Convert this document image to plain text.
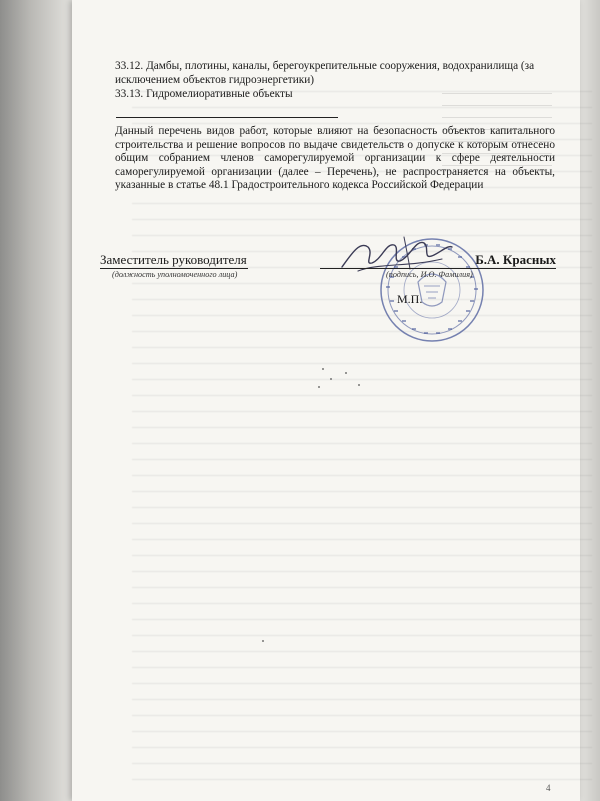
33.12. Дамбы, плотины, каналы, берегоукрепительные сооружения, водохранилища (за
исключением объектов гидроэнергетики)
33.13. Гидромелиоративные объекты
Данный перечень видов работ, которые влияют на безопасность объектов капитального строительства и решение вопросов по выдаче свидетельств о допуске к которым отнесено общим собранием членов саморегулируемой организации к сфере деятельности саморегулируемой организации (далее – Перечень), не распространяется на объекты, указанные в статье 48.1 Градостроительного кодекса Российской Федерации
Заместитель руководителя	Б.А. Красных
(должность уполномоченного лица)	(подпись, И.О. Фамилия)
М.П.
4
